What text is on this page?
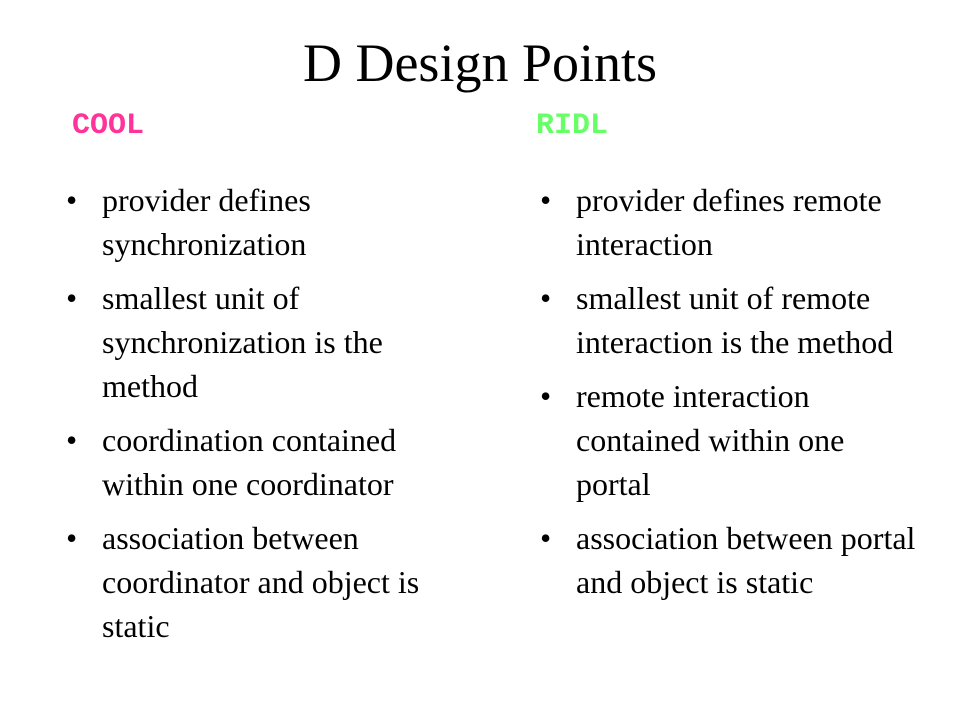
D Design Points
COOL	RIDL
• provider defines synchronization
• smallest unit of synchronization is the method
• coordination contained within one coordinator
• association between coordinator and object is static
• provider defines remote interaction
• smallest unit of remote interaction is the method
• remote interaction contained within one portal
• association between portal and object is static
